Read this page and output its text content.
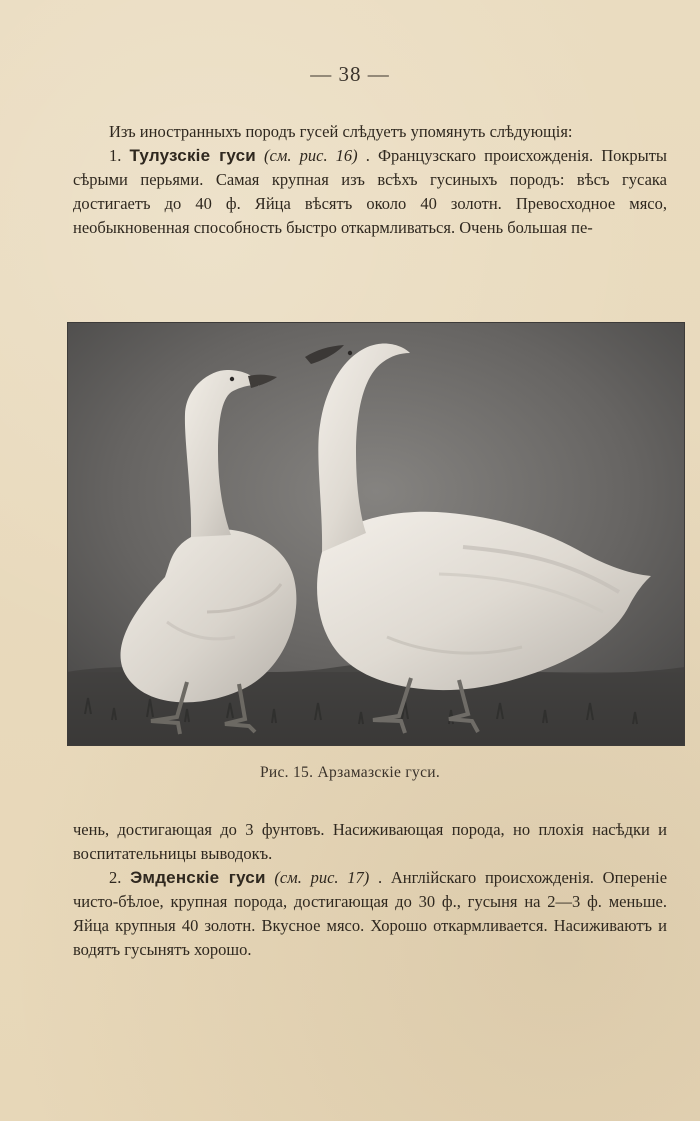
— 38 —

Изъ иностранныхъ породъ гусей слѣдуетъ упомянуть слѣдующія:

1. Тулузскіе гуси (см. рис. 16) . Французскаго происхожденія. Покрыты сѣрыми перьями. Самая крупная изъ всѣхъ гусиныхъ породъ: вѣсъ гусака достигаетъ до 40 ф. Яйца вѣсятъ около 40 золотн. Превосходное мясо, необыкновенная способность быстро откармливаться. Очень большая пе-

Рис. 15. Арзамазскіе гуси.

чень, достигающая до 3 фунтовъ. Насиживающая порода, но плохія насѣдки и воспитательницы выводокъ.

2. Эмденскіе гуси (см. рис. 17) . Англійскаго происхожденія. Опереніе чисто-бѣлое, крупная порода, достигающая до 30 ф., гусыня на 2—3 ф. меньше. Яйца крупныя 40 золотн. Вкусное мясо. Хорошо откармливается. Насиживаютъ и водятъ гусынятъ хорошо.
